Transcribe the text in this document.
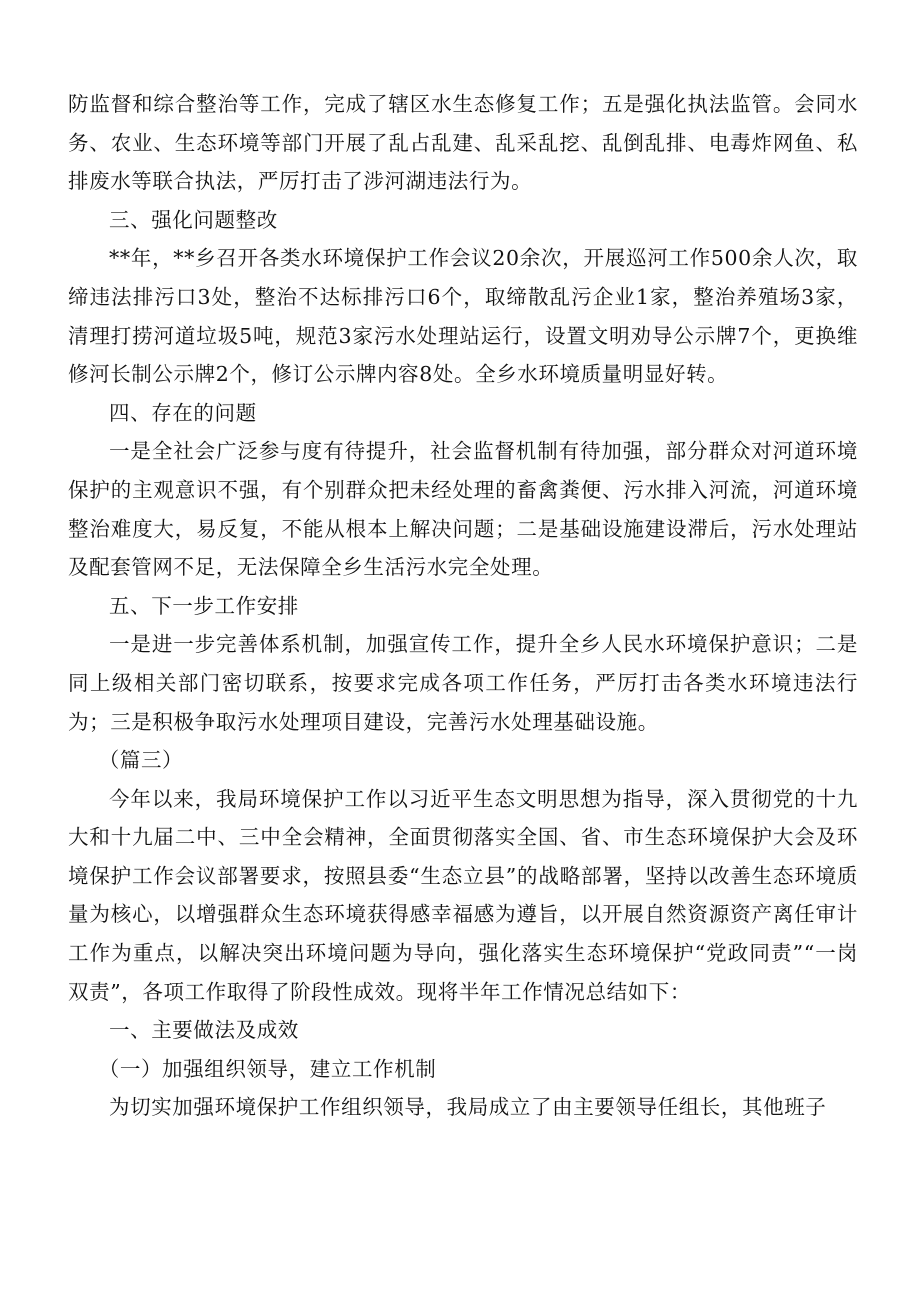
防监督和综合整治等工作，完成了辖区水生态修复工作；五是强化执法监管。会同水务、农业、生态环境等部门开展了乱占乱建、乱采乱挖、乱倒乱排、电毒炸网鱼、私排废水等联合执法，严厉打击了涉河湖违法行为。

三、强化问题整改

**年，**乡召开各类水环境保护工作会议20余次，开展巡河工作500余人次，取缔违法排污口3处，整治不达标排污口6个，取缔散乱污企业1家，整治养殖场3家，清理打捞河道垃圾5吨，规范3家污水处理站运行，设置文明劝导公示牌7个，更换维修河长制公示牌2个，修订公示牌内容8处。全乡水环境质量明显好转。

四、存在的问题

一是全社会广泛参与度有待提升，社会监督机制有待加强，部分群众对河道环境保护的主观意识不强，有个别群众把未经处理的畜禽粪便、污水排入河流，河道环境整治难度大，易反复，不能从根本上解决问题；二是基础设施建设滞后，污水处理站及配套管网不足，无法保障全乡生活污水完全处理。

五、下一步工作安排

一是进一步完善体系机制，加强宣传工作，提升全乡人民水环境保护意识；二是同上级相关部门密切联系，按要求完成各项工作任务，严厉打击各类水环境违法行为；三是积极争取污水处理项目建设，完善污水处理基础设施。

（篇三）

今年以来，我局环境保护工作以习近平生态文明思想为指导，深入贯彻党的十九大和十九届二中、三中全会精神，全面贯彻落实全国、省、市生态环境保护大会及环境保护工作会议部署要求，按照县委“生态立县”的战略部署，坚持以改善生态环境质量为核心，以增强群众生态环境获得感幸福感为遵旨，以开展自然资源资产离任审计工作为重点，以解决突出环境问题为导向，强化落实生态环境保护“党政同责”“一岗双责”，各项工作取得了阶段性成效。现将半年工作情况总结如下：

一、主要做法及成效

（一）加强组织领导，建立工作机制

为切实加强环境保护工作组织领导，我局成立了由主要领导任组长，其他班子
